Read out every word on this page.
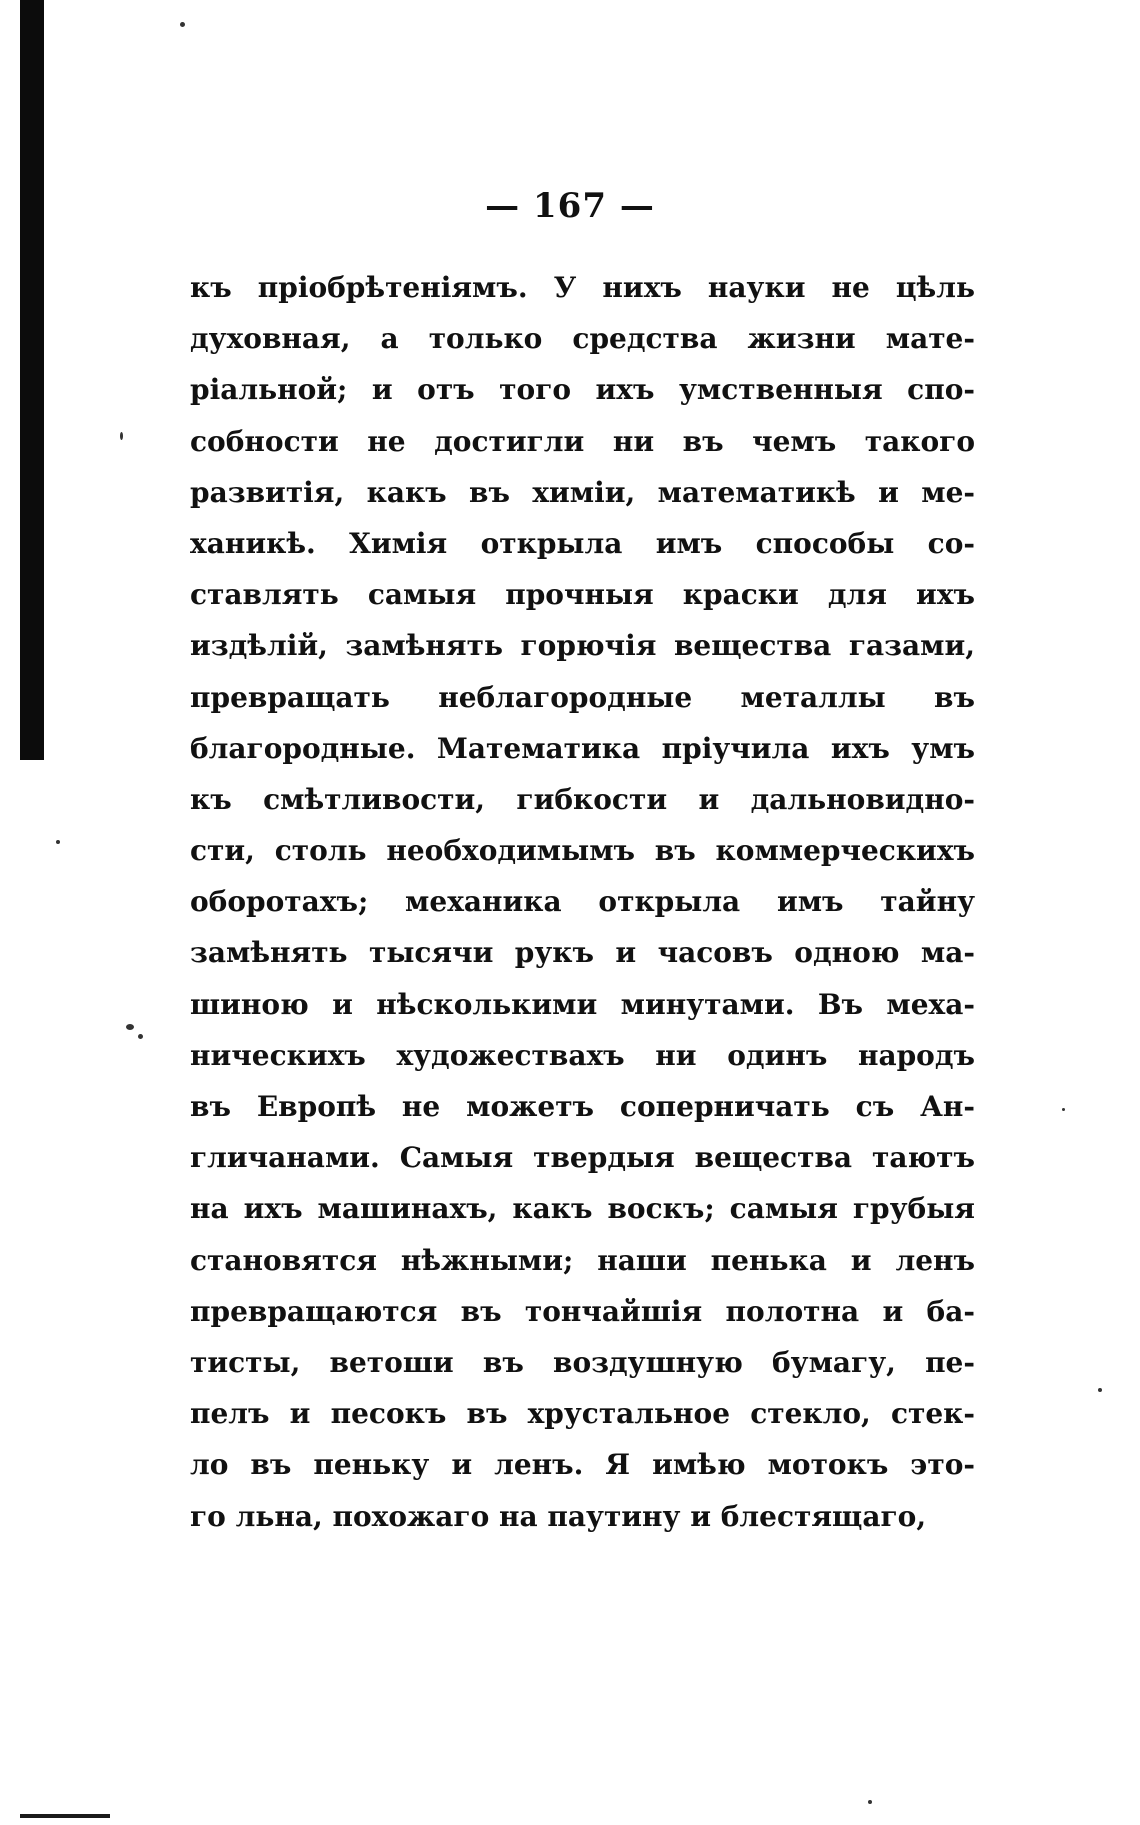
— 167 —
къ пріобрѣтеніямъ. У нихъ науки не цѣль
духовная, а только средства жизни мате-
ріальной; и отъ того ихъ умственныя спо-
собности не достигли ни въ чемъ такого
развитія, какъ въ химіи, математикѣ и ме-
ханикѣ. Химія открыла имъ способы со-
ставлять самыя прочныя краски для ихъ
издѣлій, замѣнять горючія вещества газами,
превращать неблагородные металлы въ
благородные. Математика пріучила ихъ умъ
къ смѣтливости, гибкости и дальновидно-
сти, столь необходимымъ въ коммерческихъ
оборотахъ; механика открыла имъ тайну
замѣнять тысячи рукъ и часовъ одною ма-
шиною и нѣсколькими минутами. Въ меха-
ническихъ художествахъ ни одинъ народъ
въ Европѣ не можетъ соперничать съ Ан-
гличанами. Самыя твердыя вещества таютъ
на ихъ машинахъ, какъ воскъ; самыя грубыя
становятся нѣжными; наши пенька и ленъ
превращаются въ тончайшія полотна и ба-
тисты, ветоши въ воздушную бумагу, пе-
пелъ и песокъ въ хрустальное стекло, стек-
ло въ пеньку и ленъ. Я имѣю мотокъ это-
го льна, похожаго на паутину и блестящаго,
